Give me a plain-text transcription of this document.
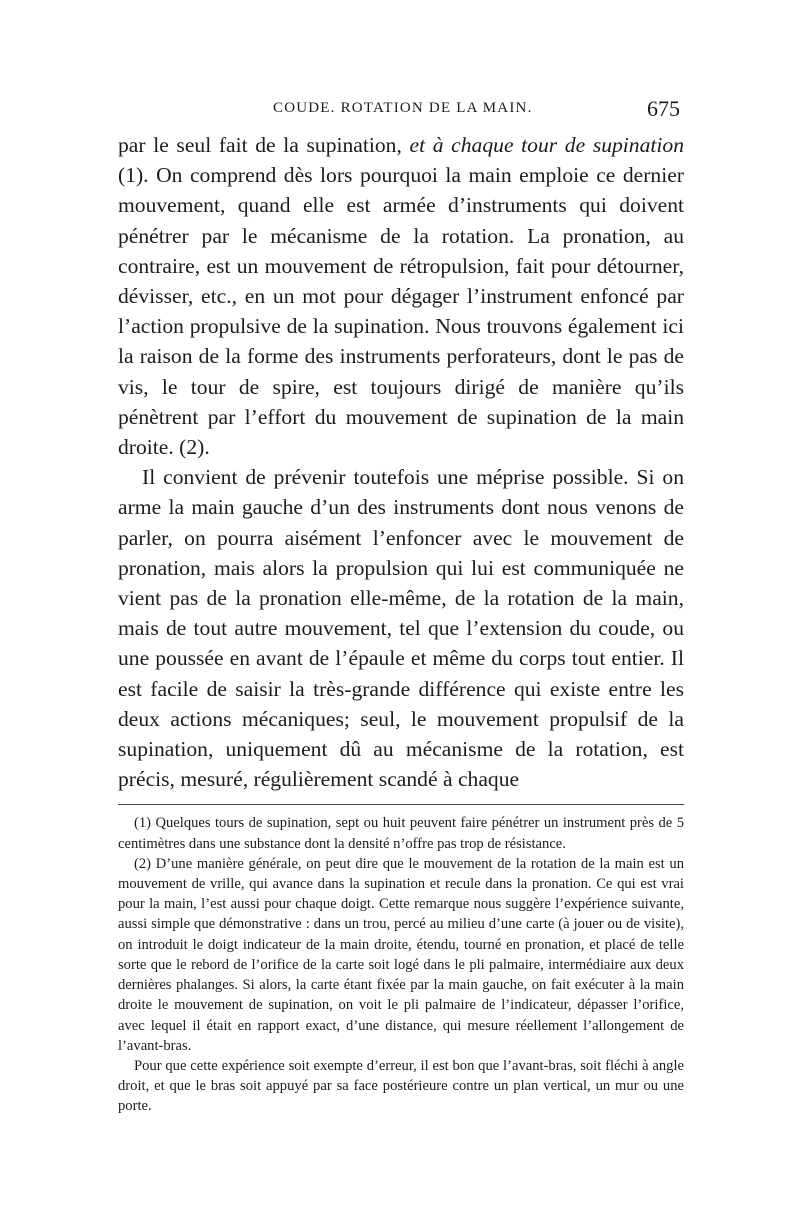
COUDE. ROTATION DE LA MAIN.	675

par le seul fait de la supination, et à chaque tour de supination (1). On comprend dès lors pourquoi la main emploie ce dernier mouvement, quand elle est armée d’instruments qui doivent pénétrer par le mécanisme de la rotation. La pronation, au contraire, est un mouvement de rétropulsion, fait pour détourner, dévisser, etc., en un mot pour dégager l’instrument enfoncé par l’action propulsive de la supination. Nous trouvons également ici la raison de la forme des instruments perforateurs, dont le pas de vis, le tour de spire, est toujours dirigé de manière qu’ils pénètrent par l’effort du mouvement de supination de la main droite. (2).

Il convient de prévenir toutefois une méprise possible. Si on arme la main gauche d’un des instruments dont nous venons de parler, on pourra aisément l’enfoncer avec le mouvement de pronation, mais alors la propulsion qui lui est communiquée ne vient pas de la pronation elle-même, de la rotation de la main, mais de tout autre mouvement, tel que l’extension du coude, ou une poussée en avant de l’épaule et même du corps tout entier. Il est facile de saisir la très-grande différence qui existe entre les deux actions mécaniques; seul, le mouvement propulsif de la supination, uniquement dû au mécanisme de la rotation, est précis, mesuré, régulièrement scandé à chaque

(1) Quelques tours de supination, sept ou huit peuvent faire pénétrer un instrument près de 5 centimètres dans une substance dont la densité n’offre pas trop de résistance.

(2) D’une manière générale, on peut dire que le mouvement de la rotation de la main est un mouvement de vrille, qui avance dans la supination et recule dans la pronation. Ce qui est vrai pour la main, l’est aussi pour chaque doigt. Cette remarque nous suggère l’expérience suivante, aussi simple que démonstrative : dans un trou, percé au milieu d’une carte (à jouer ou de visite), on introduit le doigt indicateur de la main droite, étendu, tourné en pronation, et placé de telle sorte que le rebord de l’orifice de la carte soit logé dans le pli palmaire, intermédiaire aux deux dernières phalanges. Si alors, la carte étant fixée par la main gauche, on fait exécuter à la main droite le mouvement de supination, on voit le pli palmaire de l’indicateur, dépasser l’orifice, avec lequel il était en rapport exact, d’une distance, qui mesure réellement l’allongement de l’avant-bras.

Pour que cette expérience soit exempte d’erreur, il est bon que l’avant-bras, soit fléchi à angle droit, et que le bras soit appuyé par sa face postérieure contre un plan vertical, un mur ou une porte.
